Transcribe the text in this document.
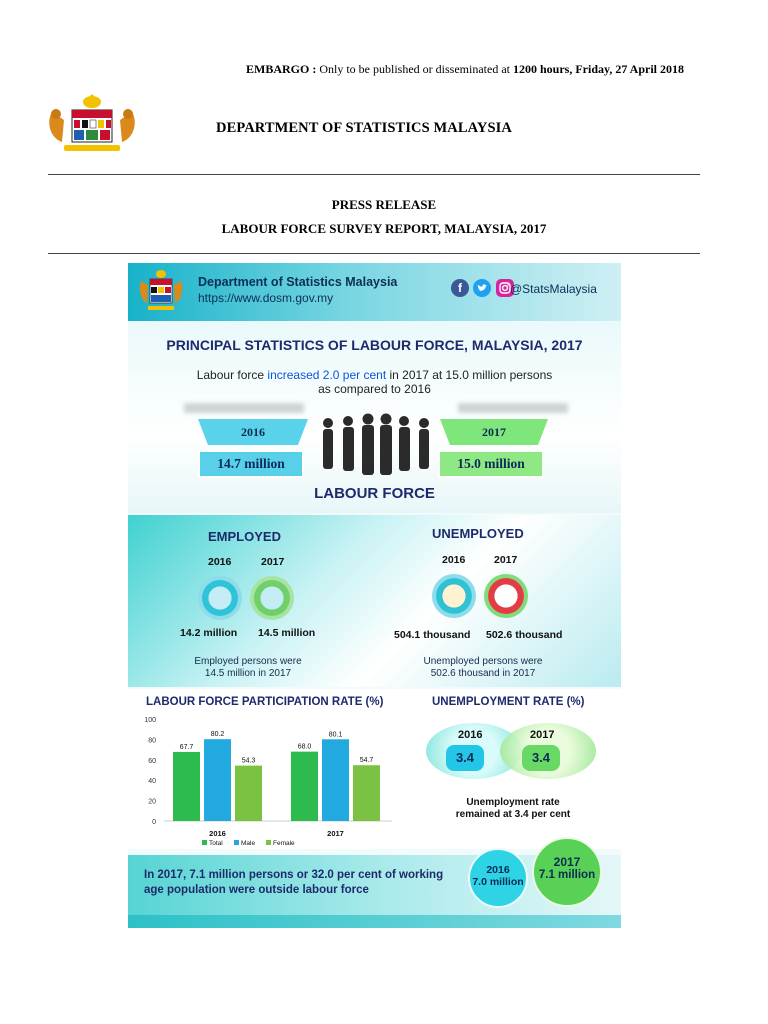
EMBARGO : Only to be published or disseminated at 1200 hours, Friday, 27 April 2018
DEPARTMENT OF STATISTICS MALAYSIA
PRESS RELEASE
LABOUR FORCE SURVEY REPORT, MALAYSIA, 2017
Department of Statistics Malaysia
https://www.dosm.gov.my
f	@StatsMalaysia
PRINCIPAL STATISTICS OF LABOUR FORCE, MALAYSIA, 2017
Labour force increased 2.0 per cent in 2017 at 15.0 million persons
as compared to 2016
2016
14.7 million
2017
15.0 million
LABOUR FORCE
EMPLOYED
2016	2017
14.2 million 14.5 million
Employed persons were
14.5 million in 2017
UNEMPLOYED
2016	2017
504.1 thousand 502.6 thousand
Unemployed persons were
502.6 thousand in 2017
LABOUR FORCE PARTICIPATION RATE (%)	UNEMPLOYMENT RATE (%)
0
20
40
60
80
100
67.7
80.2
54.3
2016
68.0
80.1
54.7
2017
Total	Male	Female
2016	2017
3.4	3.4
Unemployment rate
remained at 3.4 per cent
In 2017, 7.1 million persons or 32.0 per cent of working age population were outside labour force
2016
7.0 million
2017
7.1 million
